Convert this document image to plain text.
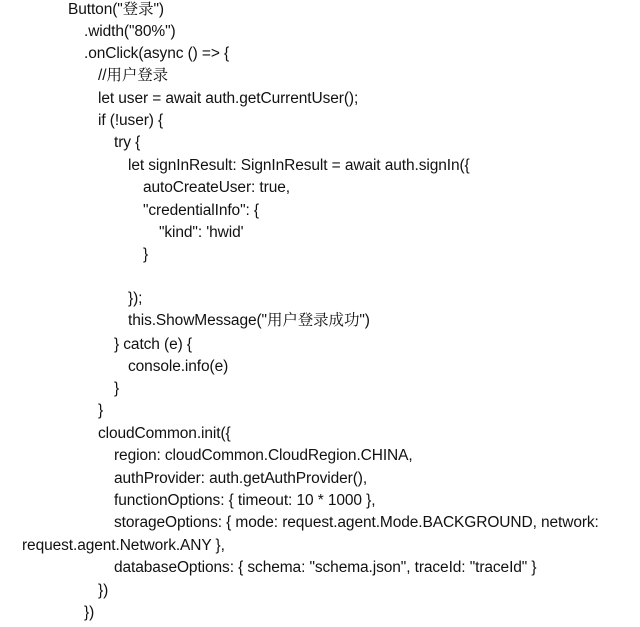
Button("登录")
.width("80%")
.onClick(async () => {
//用户登录
let user = await auth.getCurrentUser();
if (!user) {
try {
let signInResult: SignInResult = await auth.signIn({
autoCreateUser: true,
"credentialInfo": {
"kind": 'hwid'
}
});
this.ShowMessage("用户登录成功")
} catch (e) {
console.info(e)
}
}
cloudCommon.init({
region: cloudCommon.CloudRegion.CHINA,
authProvider: auth.getAuthProvider(),
functionOptions: { timeout: 10 * 1000 },
storageOptions: { mode: request.agent.Mode.BACKGROUND, network:
request.agent.Network.ANY },
databaseOptions: { schema: "schema.json", traceId: "traceId" }
})
})
